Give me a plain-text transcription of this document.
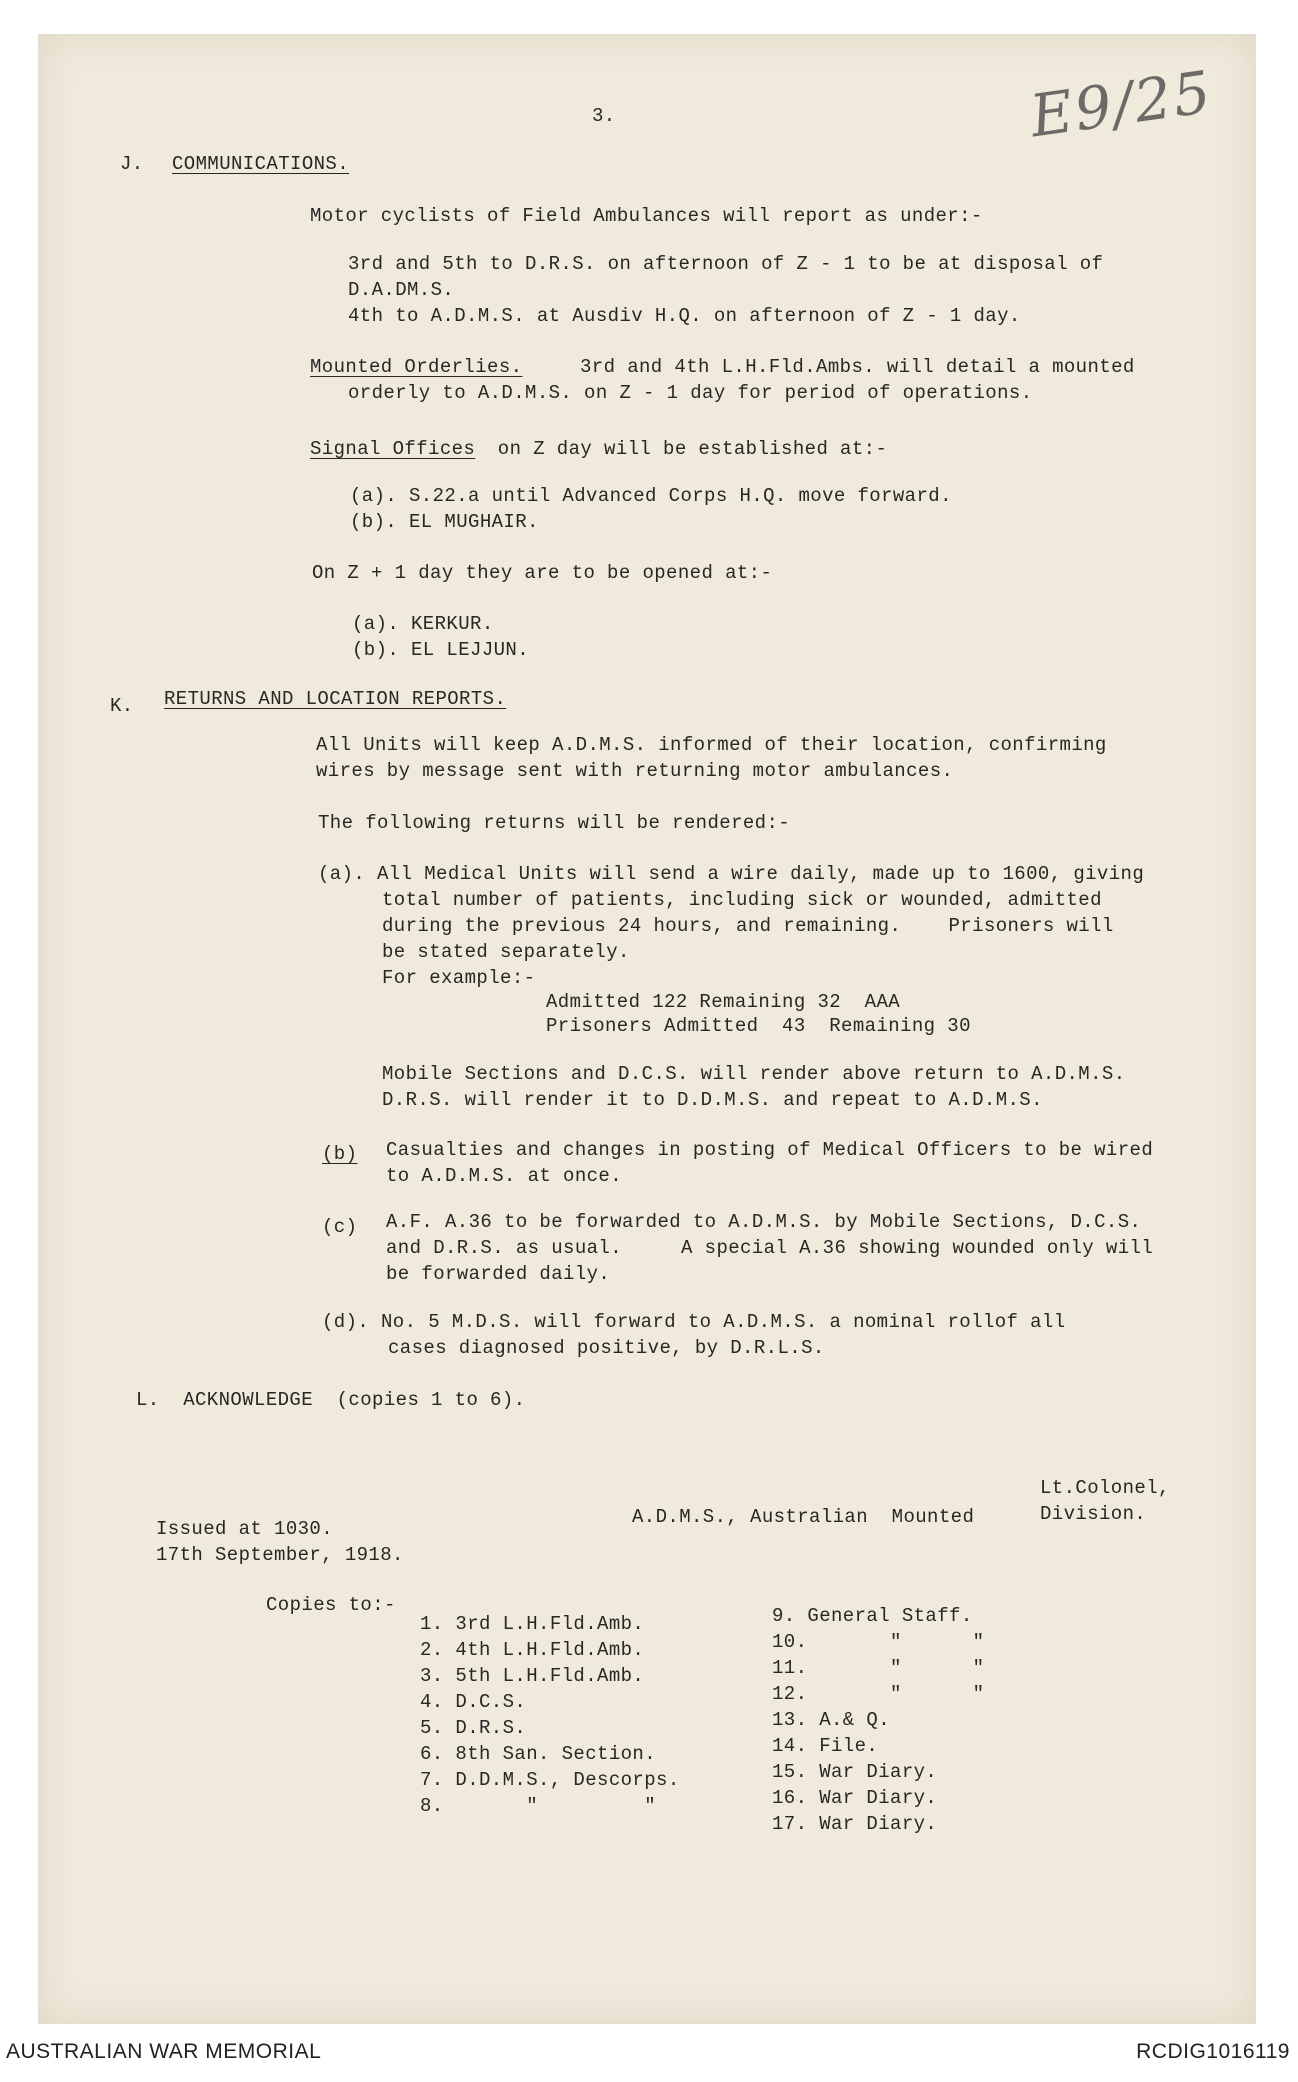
E9/25
3.
J. COMMUNICATIONS.
Motor cyclists of Field Ambulances will report as under:-
3rd and 5th to D.R.S. on afternoon of Z - 1 to be at disposal of
D.A.DM.S.
4th to A.D.M.S. at Ausdiv H.Q. on afternoon of Z - 1 day.
Mounted Orderlies.	3rd and 4th L.H.Fld.Ambs. will detail a mounted
orderly to A.D.M.S. on Z - 1 day for period of operations.
Signal Offices on Z day will be established at:-
(a). S.22.a until Advanced Corps H.Q. move forward.
(b). EL MUGHAIR.
On Z + 1 day they are to be opened at:-
(a). KERKUR.
(b). EL LEJJUN.
K. RETURNS AND LOCATION REPORTS.
All Units will keep A.D.M.S. informed of their location, confirming
wires by message sent with returning motor ambulances.
The following returns will be rendered:-
(a). All Medical Units will send a wire daily, made up to 1600, giving
total number of patients, including sick or wounded, admitted
during the previous 24 hours, and remaining.    Prisoners will
be stated separately.
For example:-
Admitted 122 Remaining 32  AAA
Prisoners Admitted  43  Remaining 30
Mobile Sections and D.C.S. will render above return to A.D.M.S.
D.R.S. will render it to D.D.M.S. and repeat to A.D.M.S.
(b) Casualties and changes in posting of Medical Officers to be wired
to A.D.M.S. at once.
(c) A.F. A.36 to be forwarded to A.D.M.S. by Mobile Sections, D.C.S.
and D.R.S. as usual.     A special A.36 showing wounded only will
be forwarded daily.
(d). No. 5 M.D.S. will forward to A.D.M.S. a nominal rollof all
cases diagnosed positive, by D.R.L.S.
L.  ACKNOWLEDGE  (copies 1 to 6).
Lt.Colonel,
Division.
A.D.M.S., Australian  Mounted
Issued at 1030.
17th September, 1918.
Copies to:-
1. 3rd L.H.Fld.Amb.
2. 4th L.H.Fld.Amb.
3. 5th L.H.Fld.Amb.
4. D.C.S.
5. D.R.S.
6. 8th San. Section.
7. D.D.M.S., Descorps.
8.       "         "
9. General Staff.
10.       "      "
11.       "      "
12.       "      "
13. A.& Q.
14. File.
15. War Diary.
16. War Diary.
17. War Diary.
AUSTRALIAN WAR MEMORIAL	RCDIG1016119
